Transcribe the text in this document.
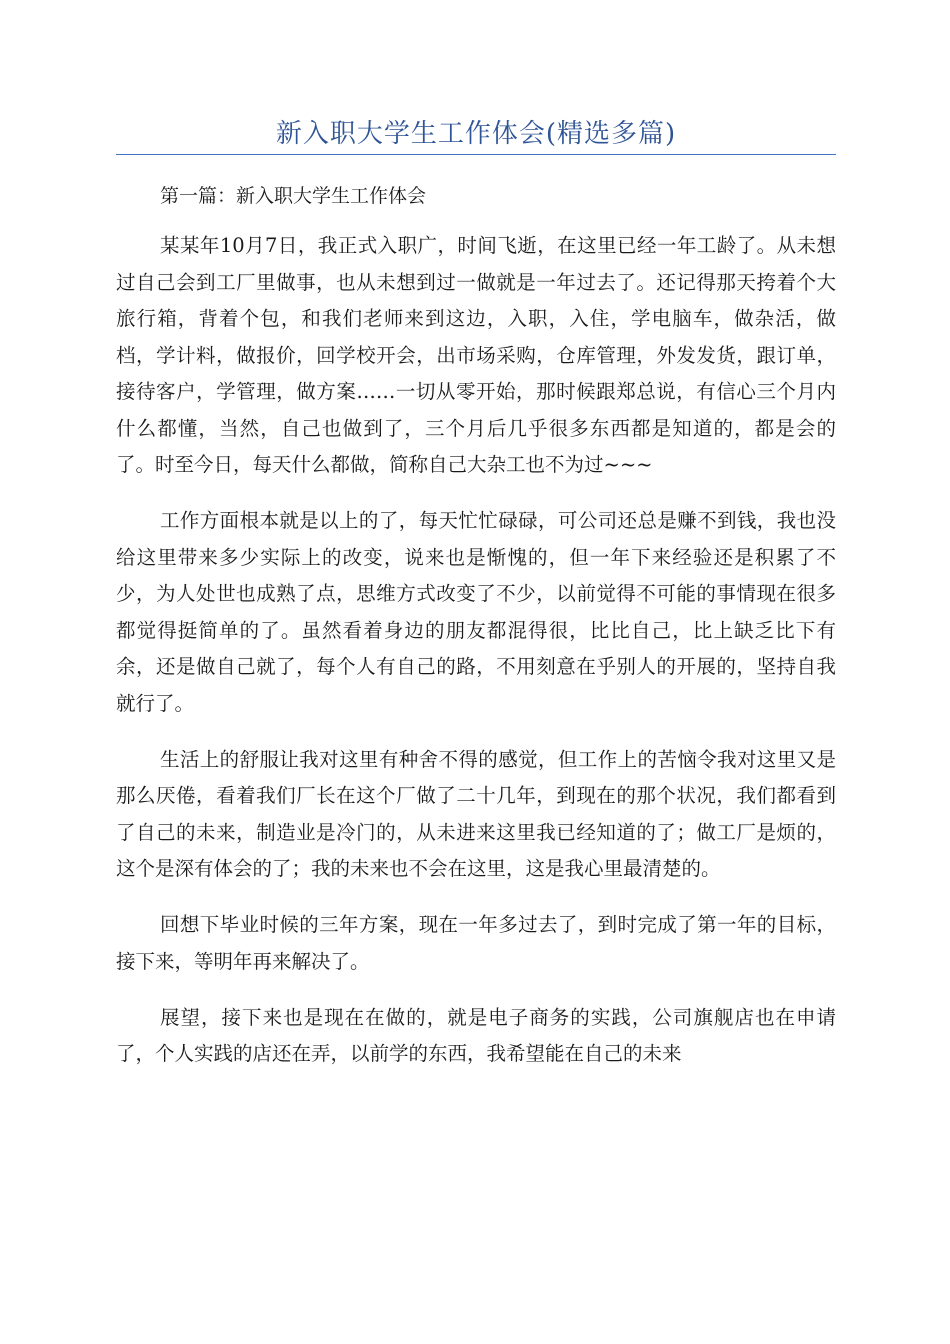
新入职大学生工作体会(精选多篇)
第一篇：新入职大学生工作体会

某某年10月7日，我正式入职广，时间飞逝，在这里已经一年工龄了。从未想过自己会到工厂里做事，也从未想到过一做就是一年过去了。还记得那天挎着个大旅行箱，背着个包，和我们老师来到这边，入职，入住，学电脑车，做杂活，做档，学计料，做报价，回学校开会，出市场采购，仓库管理，外发发货，跟订单，接待客户，学管理，做方案……一切从零开始，那时候跟郑总说，有信心三个月内什么都懂，当然，自己也做到了，三个月后几乎很多东西都是知道的，都是会的了。时至今日，每天什么都做，简称自己大杂工也不为过~~~

工作方面根本就是以上的了，每天忙忙碌碌，可公司还总是赚不到钱，我也没给这里带来多少实际上的改变，说来也是惭愧的，但一年下来经验还是积累了不少，为人处世也成熟了点，思维方式改变了不少，以前觉得不可能的事情现在很多都觉得挺简单的了。虽然看着身边的朋友都混得很，比比自己，比上缺乏比下有余，还是做自己就了，每个人有自己的路，不用刻意在乎别人的开展的，坚持自我就行了。

生活上的舒服让我对这里有种舍不得的感觉，但工作上的苦恼令我对这里又是那么厌倦，看着我们厂长在这个厂做了二十几年，到现在的那个状况，我们都看到了自己的未来，制造业是冷门的，从未进来这里我已经知道的了；做工厂是烦的，这个是深有体会的了；我的未来也不会在这里，这是我心里最清楚的。

回想下毕业时候的三年方案，现在一年多过去了，到时完成了第一年的目标，接下来，等明年再来解决了。

展望，接下来也是现在在做的，就是电子商务的实践，公司旗舰店也在申请了，个人实践的店还在弄，以前学的东西，我希望能在自己的未来
